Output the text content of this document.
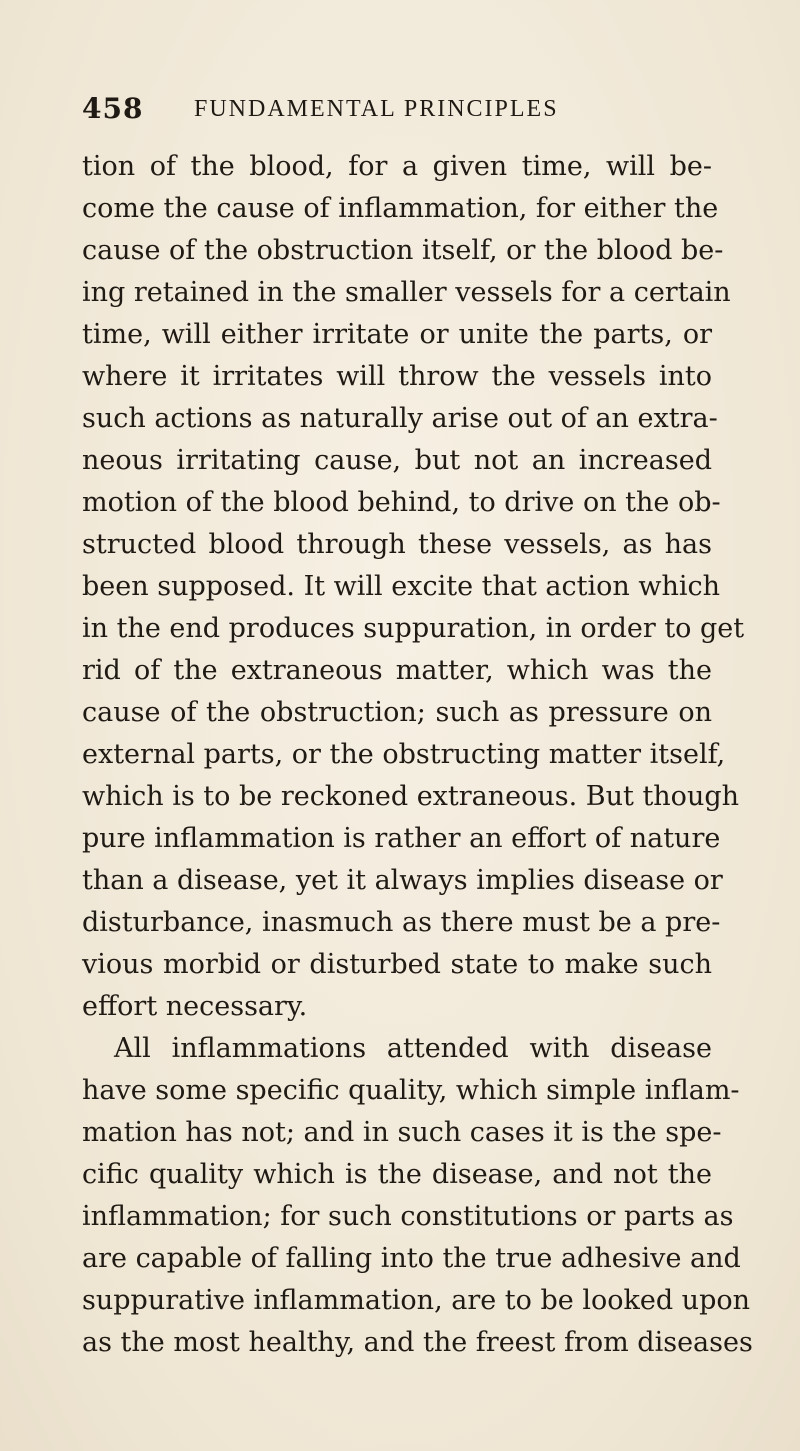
458 FUNDAMENTAL PRINCIPLES
tion of the blood, for a given time, will be-
come the cause of inflammation, for either the
cause of the obstruction itself, or the blood be-
ing retained in the smaller vessels for a certain
time, will either irritate or unite the parts, or
where it irritates will throw the vessels into
such actions as naturally arise out of an extra-
neous irritating cause, but not an increased
motion of the blood behind, to drive on the ob-
structed blood through these vessels, as has
been supposed. It will excite that action which
in the end produces suppuration, in order to get
rid of the extraneous matter, which was the
cause of the obstruction; such as pressure on
external parts, or the obstructing matter itself,
which is to be reckoned extraneous. But though
pure inflammation is rather an effort of nature
than a disease, yet it always implies disease or
disturbance, inasmuch as there must be a pre-
vious morbid or disturbed state to make such
effort necessary.
All inflammations attended with disease
have some specific quality, which simple inflam-
mation has not; and in such cases it is the spe-
cific quality which is the disease, and not the
inflammation; for such constitutions or parts as
are capable of falling into the true adhesive and
suppurative inflammation, are to be looked upon
as the most healthy, and the freest from diseases
